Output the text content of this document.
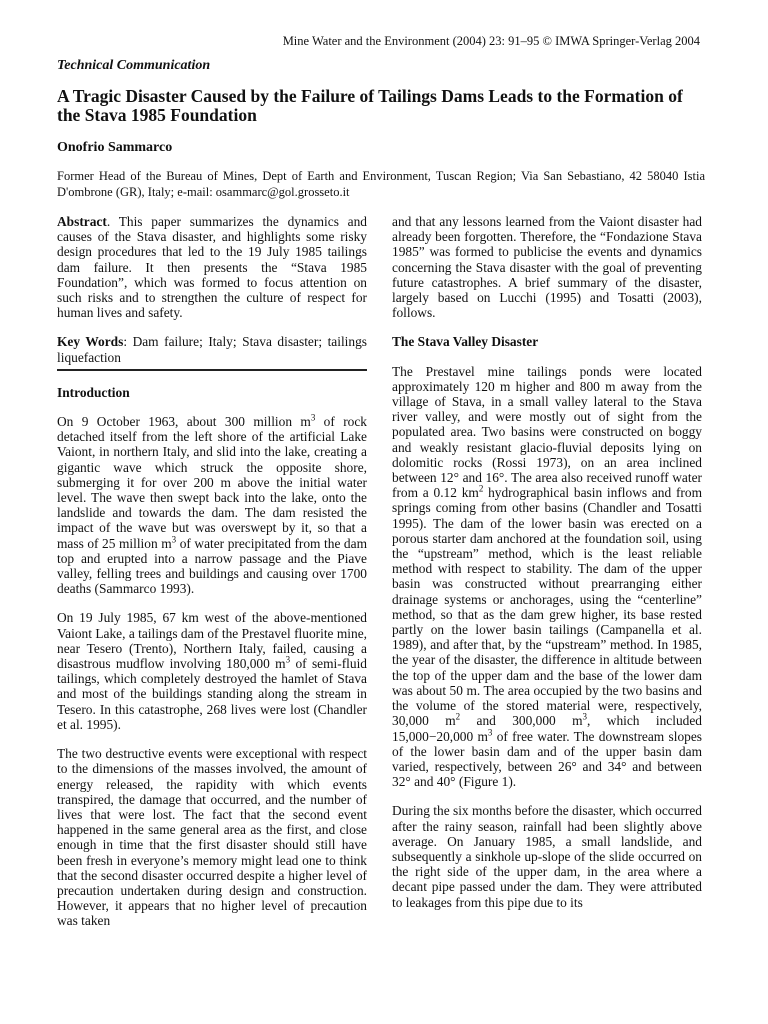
Mine Water and the Environment (2004) 23: 91–95 © IMWA Springer-Verlag 2004
Technical Communication
A Tragic Disaster Caused by the Failure of Tailings Dams Leads to the Formation of the Stava 1985 Foundation
Onofrio Sammarco
Former Head of the Bureau of Mines, Dept of Earth and Environment, Tuscan Region; Via San Sebastiano, 42 58040 Istia D'ombrone (GR), Italy; e-mail: osammarc@gol.grosseto.it

Abstract. This paper summarizes the dynamics and causes of the Stava disaster, and highlights some risky design procedures that led to the 19 July 1985 tailings dam failure. It then presents the “Stava 1985 Foundation”, which was formed to focus attention on such risks and to strengthen the culture of respect for human lives and safety.

Key Words: Dam failure; Italy; Stava disaster; tailings liquefaction

Introduction

On 9 October 1963, about 300 million $m^3$ of rock detached itself from the left shore of the artificial Lake Vaiont, in northern Italy, and slid into the lake, creating a gigantic wave which struck the opposite shore, submerging it for over 200 m above the initial water level. The wave then swept back into the lake, onto the landslide and towards the dam. The dam resisted the impact of the wave but was overswept by it, so that a mass of 25 million $m^3$ of water precipitated from the dam top and erupted into a narrow passage and the Piave valley, felling trees and buildings and causing over 1700 deaths (Sammarco 1993).

On 19 July 1985, 67 km west of the above-mentioned Vaiont Lake, a tailings dam of the Prestavel fluorite mine, near Tesero (Trento), Northern Italy, failed, causing a disastrous mudflow involving 180,000 $m^3$ of semi-fluid tailings, which completely destroyed the hamlet of Stava and most of the buildings standing along the stream in Tesero. In this catastrophe, 268 lives were lost (Chandler et al. 1995).

The two destructive events were exceptional with respect to the dimensions of the masses involved, the amount of energy released, the rapidity with which events transpired, the damage that occurred, and the number of lives that were lost. The fact that the second event happened in the same general area as the first, and close enough in time that the first disaster should still have been fresh in everyone’s memory might lead one to think that the second disaster occurred despite a higher level of precaution undertaken during design and construction. However, it appears that no higher level of precaution was taken

and that any lessons learned from the Vaiont disaster had already been forgotten. Therefore, the “Fondazione Stava 1985” was formed to publicise the events and dynamics concerning the Stava disaster with the goal of preventing future catastrophes. A brief summary of the disaster, largely based on Lucchi (1995) and Tosatti (2003), follows.

The Stava Valley Disaster

The Prestavel mine tailings ponds were located approximately 120 m higher and 800 m away from the village of Stava, in a small valley lateral to the Stava river valley, and were mostly out of sight from the populated area. Two basins were constructed on boggy and weakly resistant glacio-fluvial deposits lying on dolomitic rocks (Rossi 1973), on an area inclined between 12° and 16°. The area also received runoff water from a 0.12 $km^2$ hydrographical basin inflows and from springs coming from other basins (Chandler and Tosatti 1995). The dam of the lower basin was erected on a porous starter dam anchored at the foundation soil, using the “upstream” method, which is the least reliable method with respect to stability. The dam of the upper basin was constructed without prearranging either drainage systems or anchorages, using the “centerline” method, so that as the dam grew higher, its base rested partly on the lower basin tailings (Campanella et al. 1989), and after that, by the “upstream” method. In 1985, the year of the disaster, the difference in altitude between the top of the upper dam and the base of the lower dam was about 50 m. The area occupied by the two basins and the volume of the stored material were, respectively, 30,000 $m^2$ and 300,000 $m^3$, which included 15,000−20,000 $m^3$ of free water. The downstream slopes of the lower basin dam and of the upper basin dam varied, respectively, between 26° and 34° and between 32° and 40° (Figure 1).

During the six months before the disaster, which occurred after the rainy season, rainfall had been slightly above average. On January 1985, a small landslide, and subsequently a sinkhole up-slope of the slide occurred on the right side of the upper dam, in the area where a decant pipe passed under the dam. They were attributed to leakages from this pipe due to its
